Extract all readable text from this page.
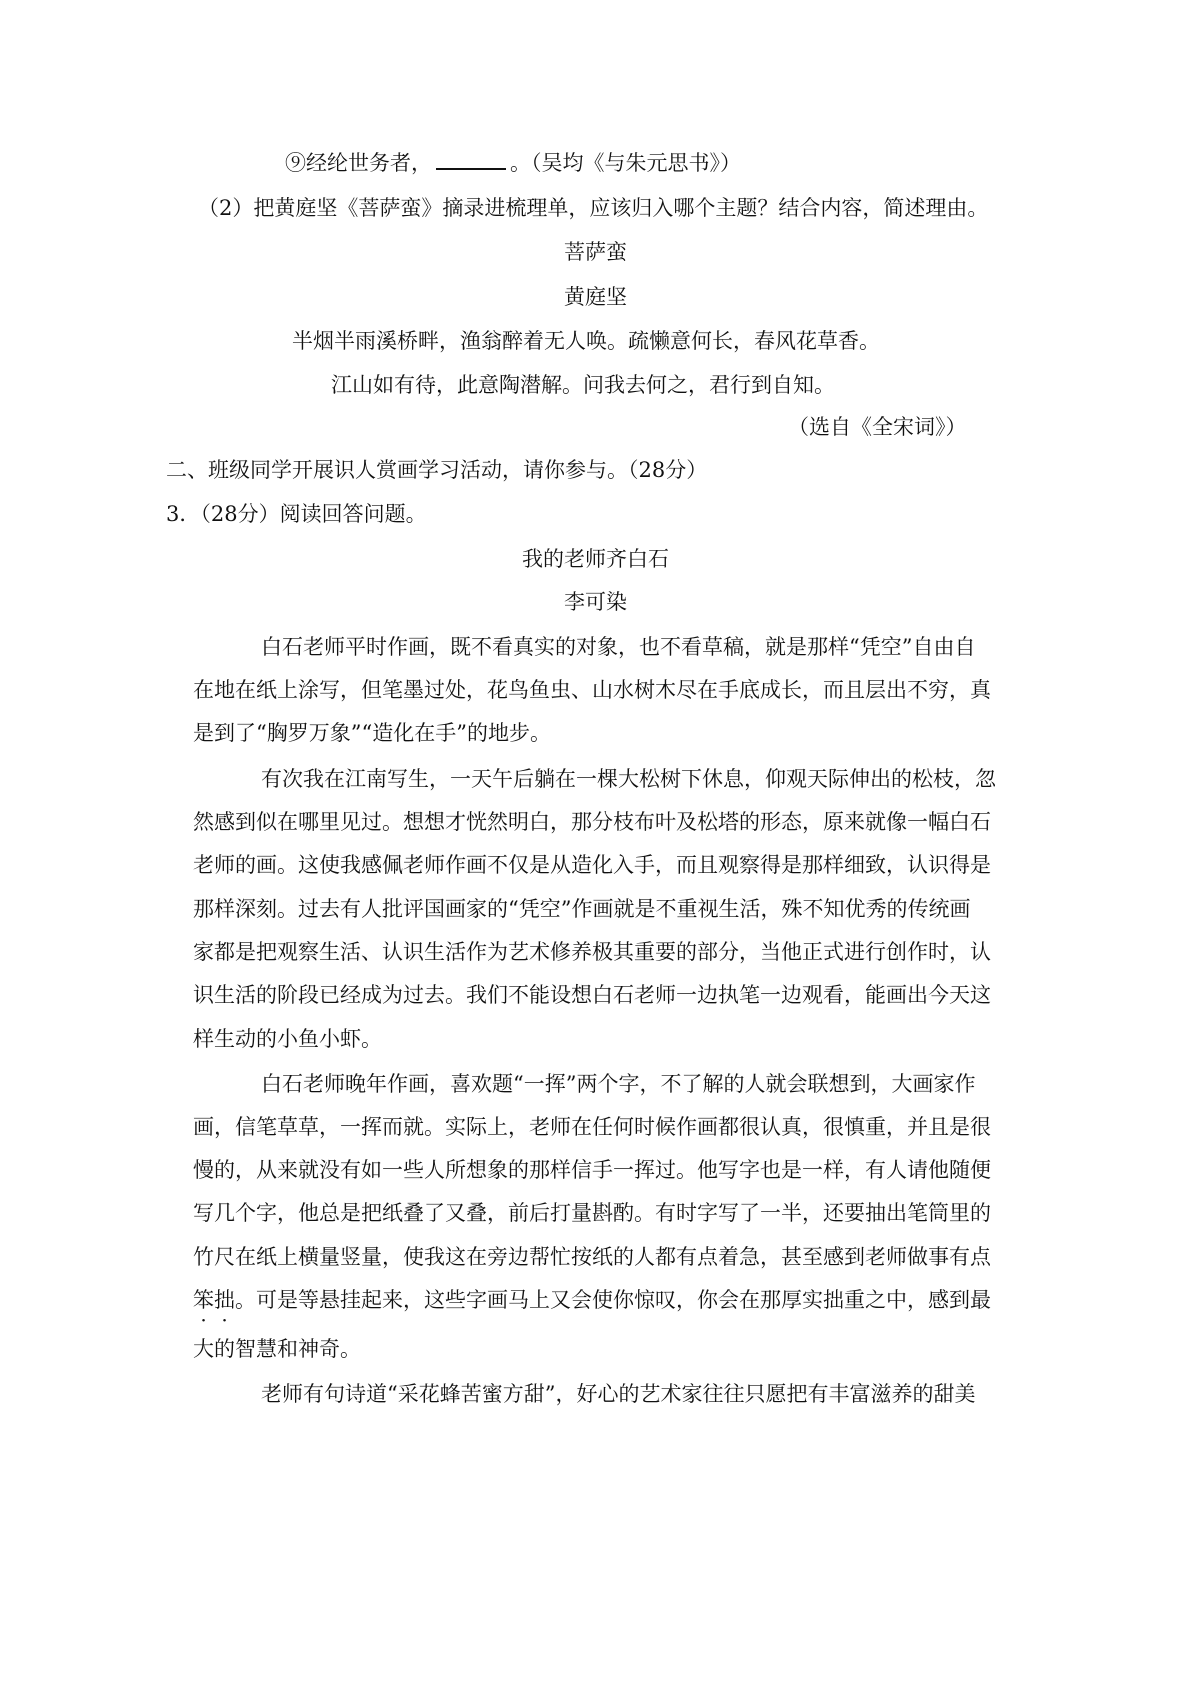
⑨经纶世务者，	。（吴均《与朱元思书》）
（2）把黄庭坚《菩萨蛮》摘录进梳理单，应该归入哪个主题？结合内容，简述理由。
菩萨蛮
黄庭坚
半烟半雨溪桥畔，渔翁醉着无人唤。疏懒意何长，春风花草香。
江山如有待，此意陶潜解。问我去何之，君行到自知。
（选自《全宋词》）
二、班级同学开展识人赏画学习活动，请你参与。（28分）
3．（28分）阅读回答问题。
我的老师齐白石
李可染
白石老师平时作画，既不看真实的对象，也不看草稿，就是那样“凭空”自由自
在地在纸上涂写，但笔墨过处，花鸟鱼虫、山水树木尽在手底成长，而且层出不穷，真
是到了“胸罗万象”“造化在手”的地步。
有次我在江南写生，一天午后躺在一棵大松树下休息，仰观天际伸出的松枝，忽
然感到似在哪里见过。想想才恍然明白，那分枝布叶及松塔的形态，原来就像一幅白石
老师的画。这使我感佩老师作画不仅是从造化入手，而且观察得是那样细致，认识得是
那样深刻。过去有人批评国画家的“凭空”作画就是不重视生活，殊不知优秀的传统画
家都是把观察生活、认识生活作为艺术修养极其重要的部分，当他正式进行创作时，认
识生活的阶段已经成为过去。我们不能设想白石老师一边执笔一边观看，能画出今天这
样生动的小鱼小虾。
白石老师晚年作画，喜欢题“一挥”两个字，不了解的人就会联想到，大画家作
画，信笔草草，一挥而就。实际上，老师在任何时候作画都很认真，很慎重，并且是很
慢的，从来就没有如一些人所想象的那样信手一挥过。他写字也是一样，有人请他随便
写几个字，他总是把纸叠了又叠，前后打量斟酌。有时字写了一半，还要抽出笔筒里的
竹尺在纸上横量竖量，使我这在旁边帮忙按纸的人都有点着急，甚至感到老师做事有点
笨拙。可是等悬挂起来，这些字画马上又会使你惊叹，你会在那厚实拙重之中，感到最
大的智慧和神奇。
老师有句诗道“采花蜂苦蜜方甜”，好心的艺术家往往只愿把有丰富滋养的甜美
